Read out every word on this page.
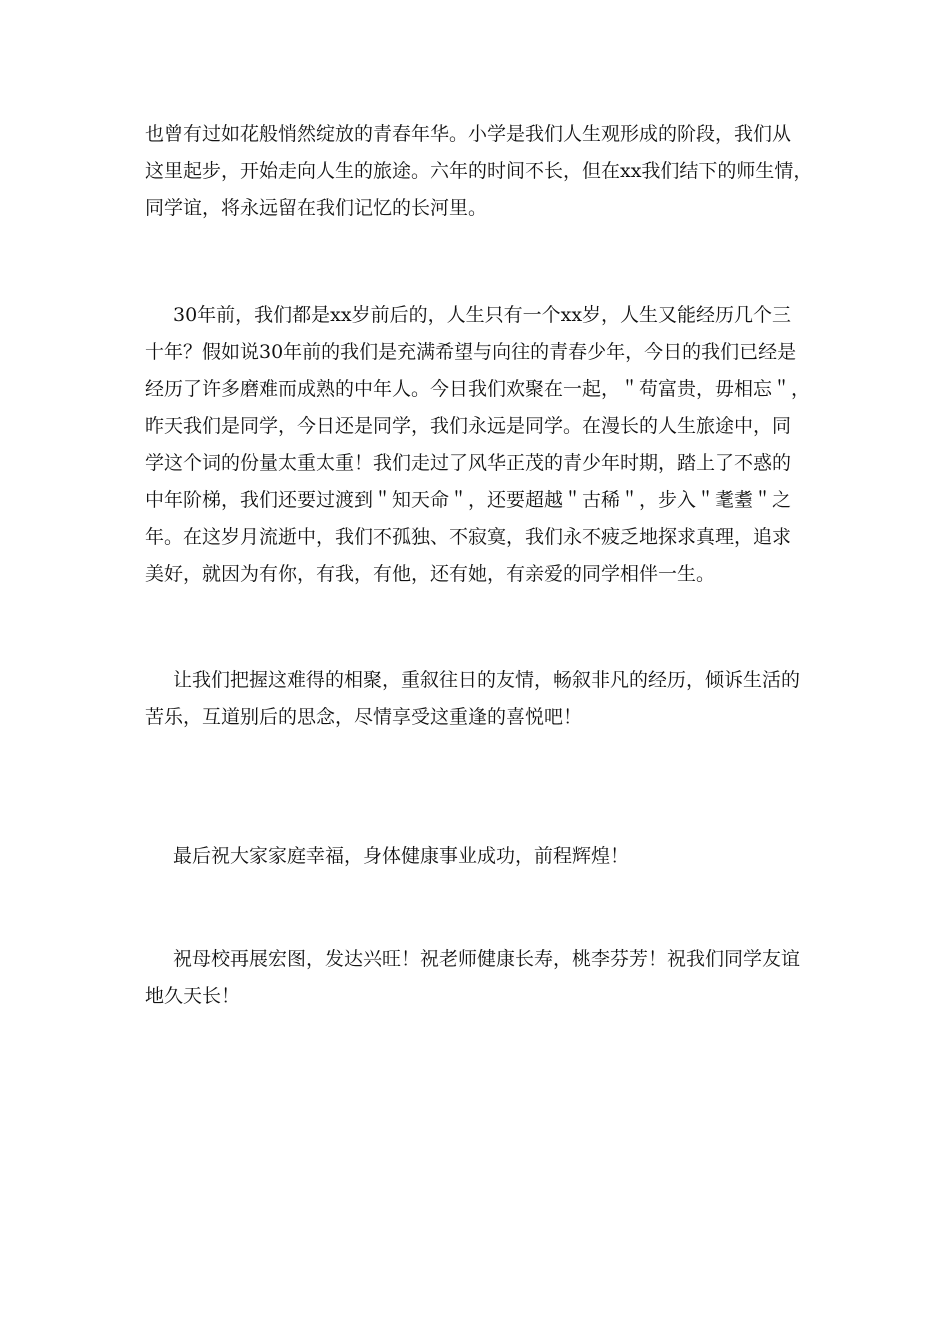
也曾有过如花般悄然绽放的青春年华。小学是我们人生观形成的阶段，我们从
这里起步，开始走向人生的旅途。六年的时间不长，但在xx我们结下的师生情，
同学谊，将永远留在我们记忆的长河里。
30年前，我们都是xx岁前后的，人生只有一个xx岁，人生又能经历几个三
十年？假如说30年前的我们是充满希望与向往的青春少年，今日的我们已经是
经历了许多磨难而成熟的中年人。今日我们欢聚在一起，＂苟富贵，毋相忘＂，
昨天我们是同学，今日还是同学，我们永远是同学。在漫长的人生旅途中，同
学这个词的份量太重太重！我们走过了风华正茂的青少年时期，踏上了不惑的
中年阶梯，我们还要过渡到＂知天命＂，还要超越＂古稀＂，步入＂耄耋＂之
年。在这岁月流逝中，我们不孤独、不寂寞，我们永不疲乏地探求真理，追求
美好，就因为有你，有我，有他，还有她，有亲爱的同学相伴一生。
让我们把握这难得的相聚，重叙往日的友情，畅叙非凡的经历，倾诉生活的
苦乐，互道别后的思念，尽情享受这重逢的喜悦吧！
最后祝大家家庭幸福，身体健康事业成功，前程辉煌！
祝母校再展宏图，发达兴旺！祝老师健康长寿，桃李芬芳！祝我们同学友谊
地久天长！
